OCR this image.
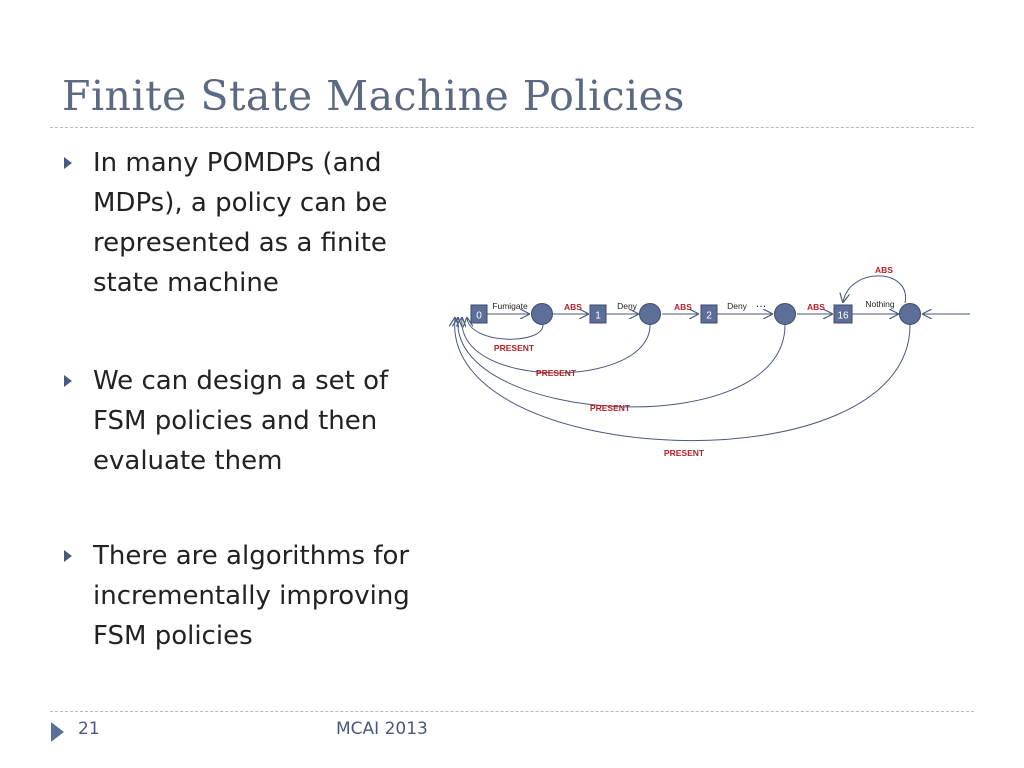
Finite State Machine Policies
In many POMDPs (and
MDPs), a policy can be
represented as a finite
state machine
We can design a set of
FSM policies and then
evaluate them
There are algorithms for
incrementally improving
FSM policies
0	1	2	16
Fumigate	Deny	Deny …	Nothing
ABS	ABS	ABS
ABS
PRESENT
PRESENT
PRESENT
PRESENT
21	MCAI 2013
